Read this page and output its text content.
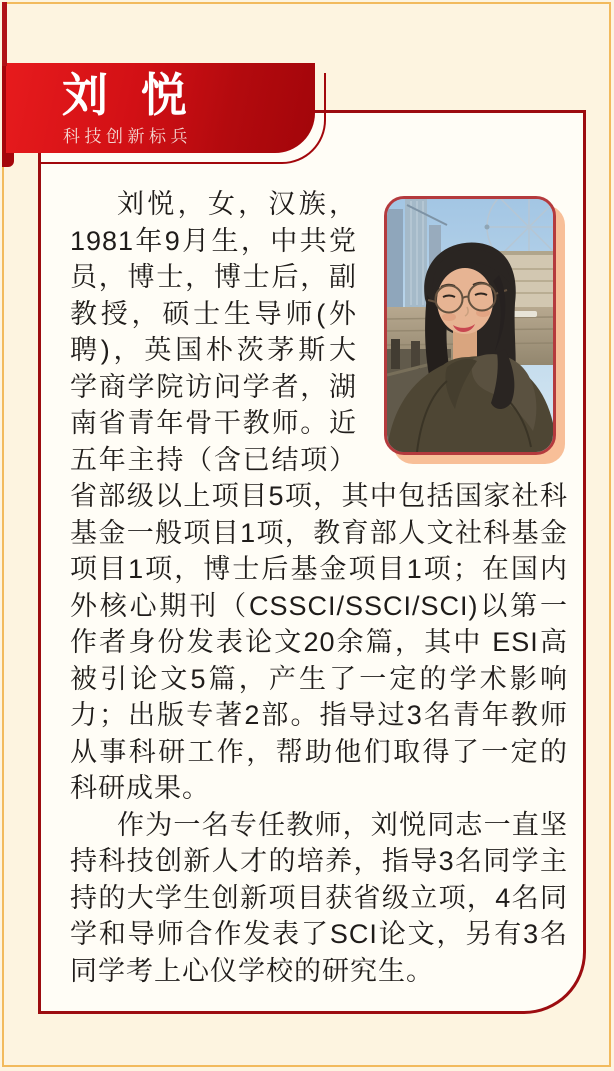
刘悦，女，汉族，1981年9月生，中共党员，博士，博士后，副教授，硕士生导师(外聘)，英国朴茨茅斯大学商学院访问学者，湖南省青年骨干教师。近五年主持（含已结项）省部级以上项目5项，其中包括国家社科基金一般项目1项，教育部人文社科基金项目1项，博士后基金项目1项；在国内外核心期刊（CSSCI/SSCI/SCI)以第一作者身份发表论文20余篇，其中 ESI高被引论文5篇，产生了一定的学术影响力；出版专著2部。指导过3名青年教师从事科研工作，帮助他们取得了一定的科研成果。

作为一名专任教师，刘悦同志一直坚持科技创新人才的培养，指导3名同学主持的大学生创新项目获省级立项，4名同学和导师合作发表了SCI论文，另有3名同学考上心仪学校的研究生。

刘 悦
科技创新标兵
